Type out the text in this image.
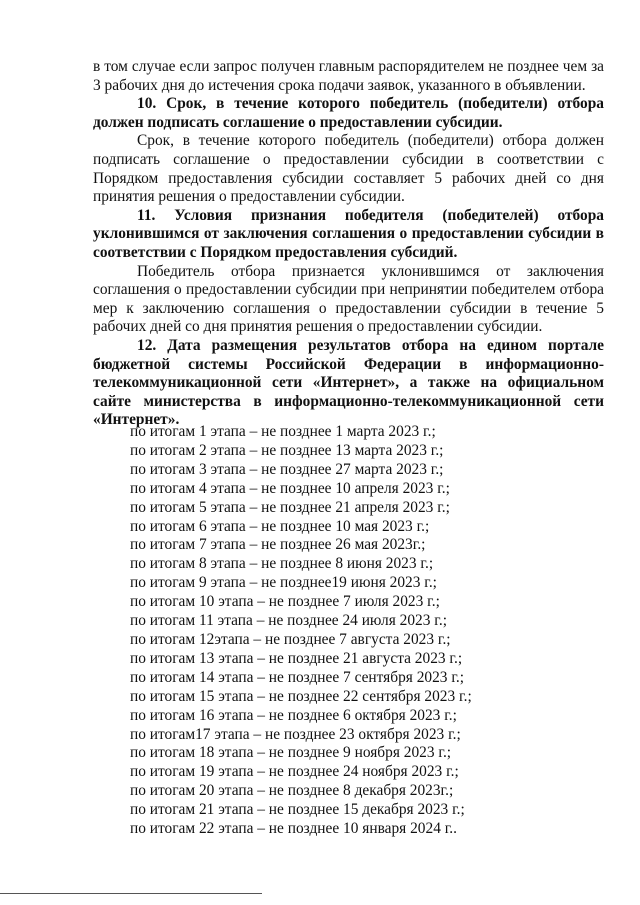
в том случае если запрос получен главным распорядителем не позднее чем за 3 рабочих дня до истечения срока подачи заявок, указанного в объявлении.

10. Срок, в течение которого победитель (победители) отбора должен подписать соглашение о предоставлении субсидии.

Срок, в течение которого победитель (победители) отбора должен подписать соглашение о предоставлении субсидии в соответствии с Порядком предоставления субсидии составляет 5 рабочих дней со дня принятия решения о предоставлении субсидии.

11. Условия признания победителя (победителей) отбора уклонившимся от заключения соглашения о предоставлении субсидии в соответствии с Порядком предоставления субсидий.

Победитель отбора признается уклонившимся от заключения соглашения о предоставлении субсидии при непринятии победителем отбора мер к заключению соглашения о предоставлении субсидии в течение 5 рабочих дней со дня принятия решения о предоставлении субсидии.

12. Дата размещения результатов отбора на едином портале бюджетной системы Российской Федерации в информационно-телекоммуникационной сети «Интернет», а также на официальном сайте министерства в информационно-телекоммуникационной сети «Интернет».

по итогам 1 этапа – не позднее 1 марта 2023 г.;
по итогам 2 этапа – не позднее 13 марта 2023 г.;
по итогам 3 этапа – не позднее 27 марта 2023 г.;
по итогам 4 этапа – не позднее 10 апреля 2023 г.;
по итогам 5 этапа – не позднее 21 апреля 2023 г.;
по итогам 6 этапа – не позднее 10 мая 2023 г.;
по итогам 7 этапа – не позднее 26 мая 2023г.;
по итогам 8 этапа – не позднее 8 июня 2023 г.;
по итогам 9 этапа – не позднее19 июня 2023 г.;
по итогам 10 этапа – не позднее 7 июля 2023 г.;
по итогам 11 этапа – не позднее 24 июля 2023 г.;
по итогам 12этапа – не позднее 7 августа 2023 г.;
по итогам 13 этапа – не позднее 21 августа 2023 г.;
по итогам 14 этапа – не позднее 7 сентября 2023 г.;
по итогам 15 этапа – не позднее 22 сентября 2023 г.;
по итогам 16 этапа – не позднее 6 октября 2023 г.;
по итогам17 этапа – не позднее 23 октября 2023 г.;
по итогам 18 этапа – не позднее 9 ноября 2023 г.;
по итогам 19 этапа – не позднее 24 ноября 2023 г.;
по итогам 20 этапа – не позднее 8 декабря 2023г.;
по итогам 21 этапа – не позднее 15 декабря 2023 г.;
по итогам 22 этапа – не позднее 10 января 2024 г..
